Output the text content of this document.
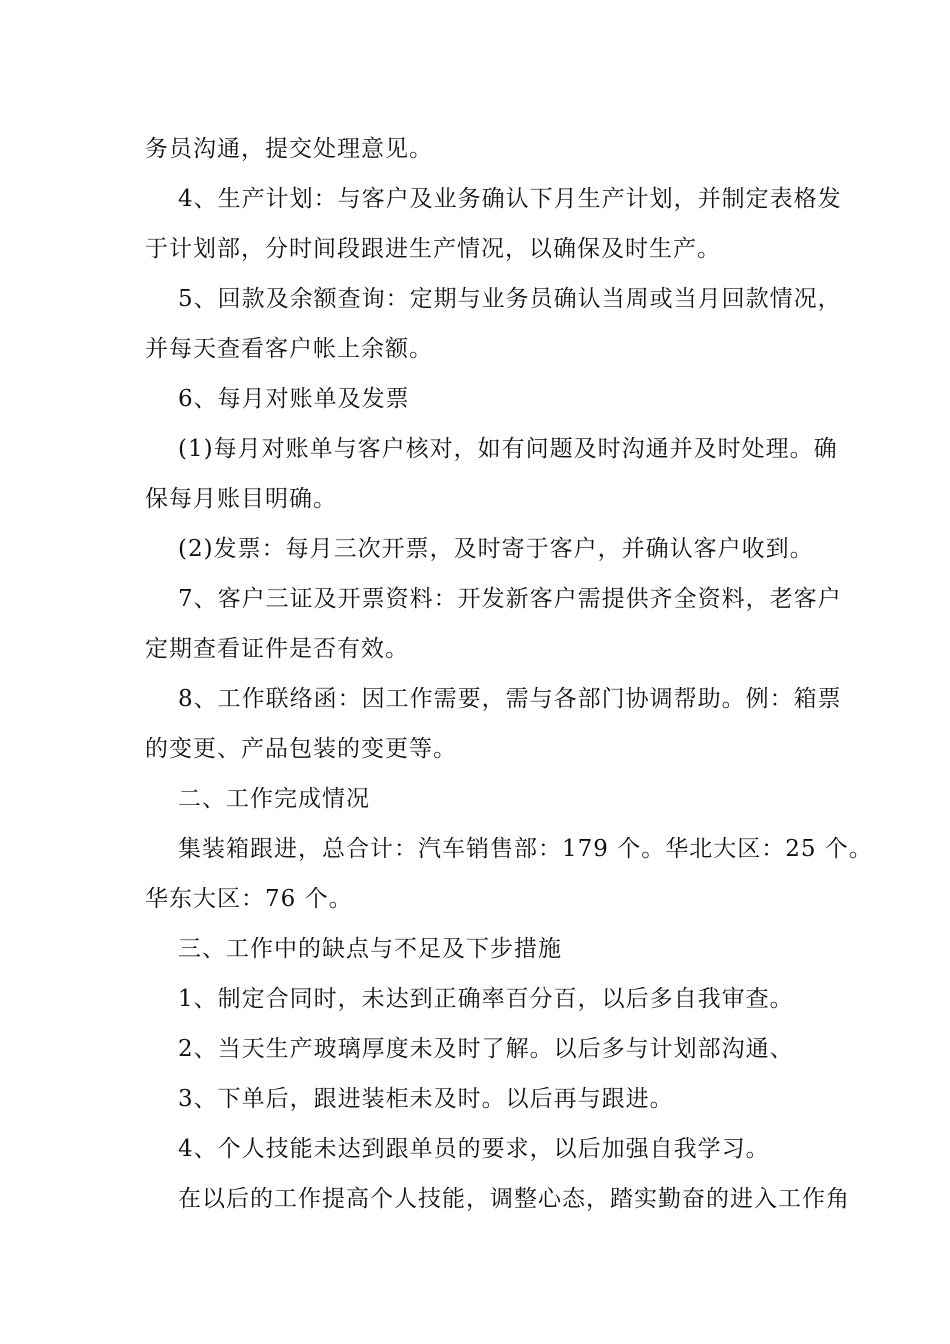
务员沟通，提交处理意见。
4、生产计划：与客户及业务确认下月生产计划，并制定表格发
于计划部，分时间段跟进生产情况，以确保及时生产。
5、回款及余额查询：定期与业务员确认当周或当月回款情况，
并每天查看客户帐上余额。
6、每月对账单及发票
(1)每月对账单与客户核对，如有问题及时沟通并及时处理。确
保每月账目明确。
(2)发票：每月三次开票，及时寄于客户，并确认客户收到。
7、客户三证及开票资料：开发新客户需提供齐全资料，老客户
定期查看证件是否有效。
8、工作联络函：因工作需要，需与各部门协调帮助。例：箱票
的变更、产品包装的变更等。
二、工作完成情况
集装箱跟进，总合计：汽车销售部：179 个。华北大区：25 个。
华东大区：76 个。
三、工作中的缺点与不足及下步措施
1、制定合同时，未达到正确率百分百，以后多自我审查。
2、当天生产玻璃厚度未及时了解。以后多与计划部沟通、
3、下单后，跟进装柜未及时。以后再与跟进。
4、个人技能未达到跟单员的要求，以后加强自我学习。
在以后的工作提高个人技能，调整心态，踏实勤奋的进入工作角
